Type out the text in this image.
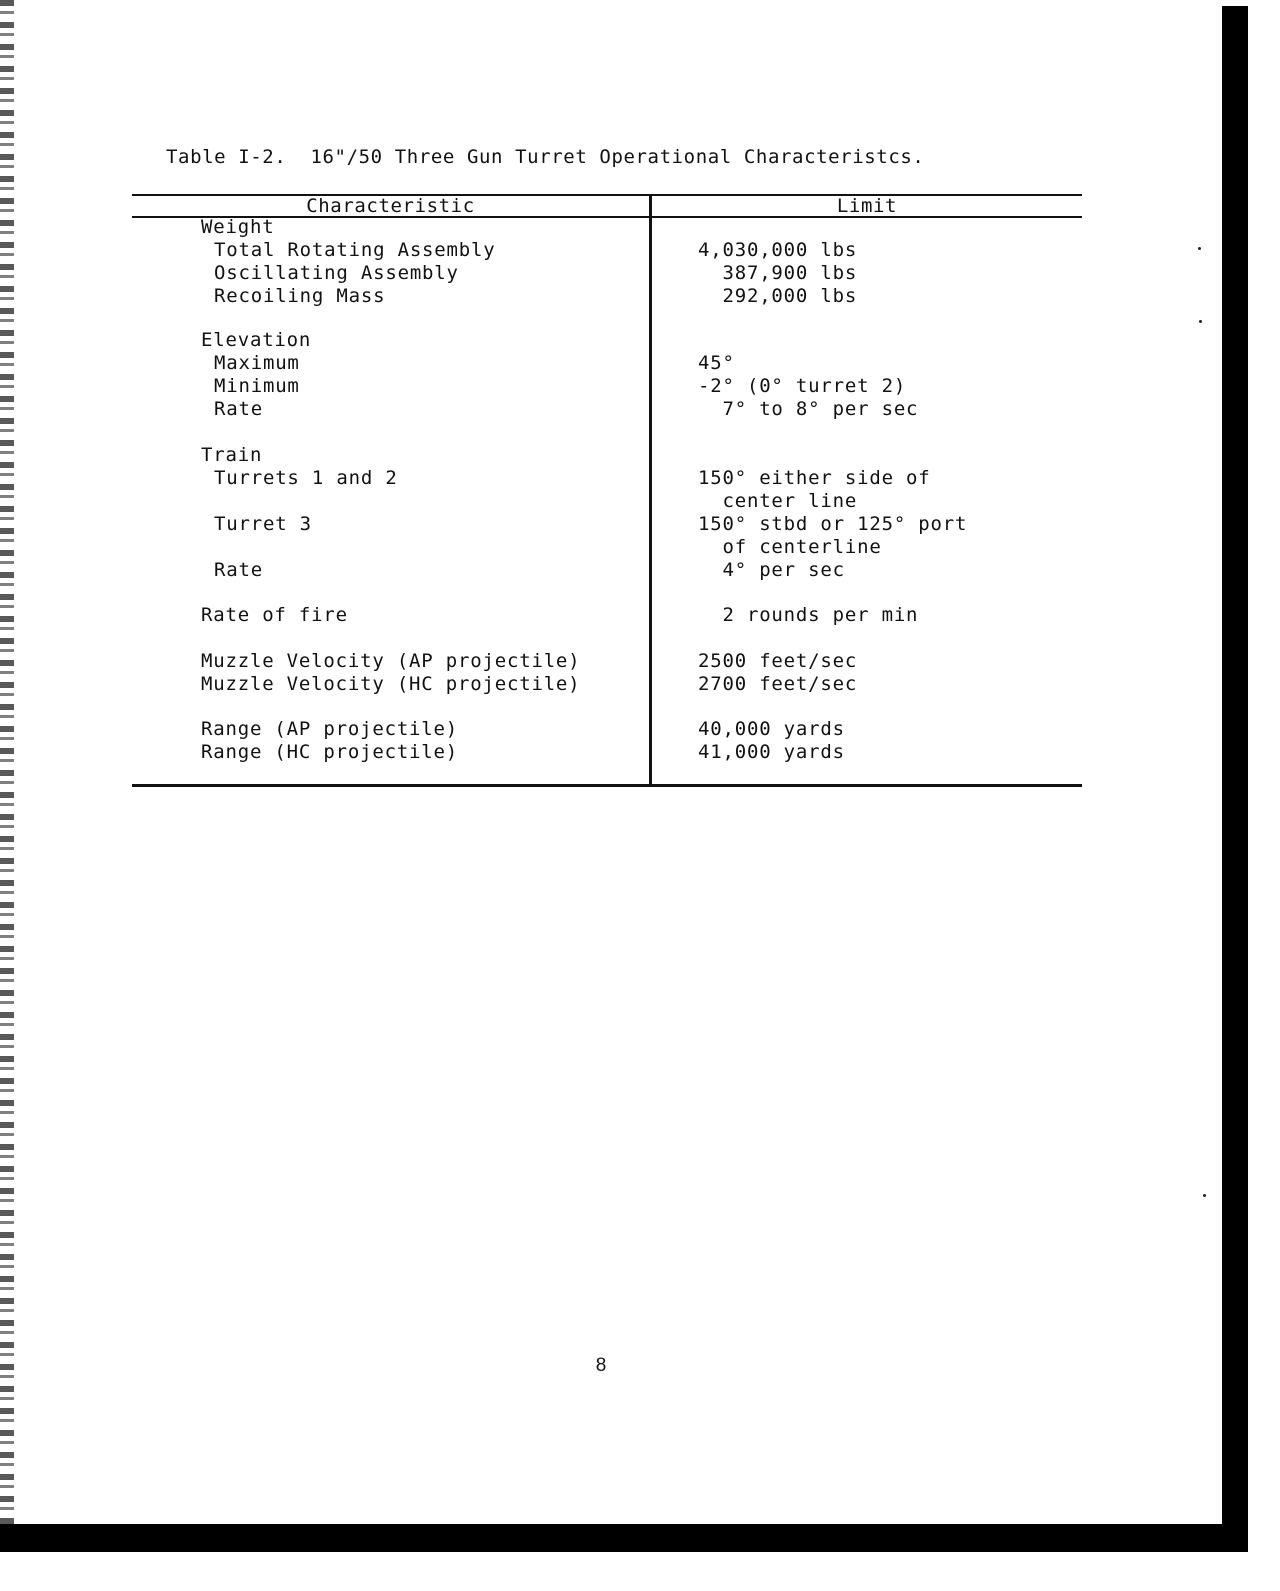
Table I-2.  16"/50 Three Gun Turret Operational Characteristcs.
Characteristic	Limit
Weight
Total Rotating Assembly	4,030,000 lbs
Oscillating Assembly	387,900 lbs
Recoiling Mass	292,000 lbs
Elevation
Maximum	45°
Minimum	-2° (0° turret 2)
Rate	7° to 8° per sec
Train
Turrets 1 and 2	150° either side of
center line
Turret 3	150° stbd or 125° port
of centerline
Rate	4° per sec
Rate of fire	2 rounds per min
Muzzle Velocity (AP projectile)	2500 feet/sec
Muzzle Velocity (HC projectile)	2700 feet/sec
Range (AP projectile)	40,000 yards
Range (HC projectile)	41,000 yards
8
